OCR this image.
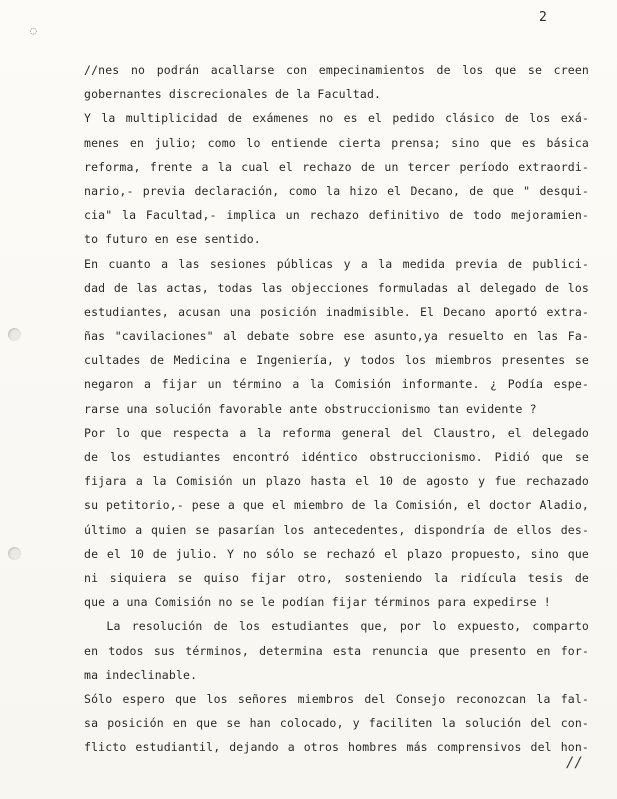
◌
2
//nes no podrán acallarse con empecinamientos de los que se creen
gobernantes discrecionales de la Facultad.
Y la multiplicidad de exámenes no es el pedido clásico de los exá-
menes en julio; como lo entiende cierta prensa; sino que es básica
reforma, frente a la cual el rechazo de un tercer período extraordi-
nario,- previa declaración, como la hizo el Decano, de que " desqui-
cia" la Facultad,- implica un rechazo definitivo de todo mejoramien-
to futuro en ese sentido.
En cuanto a las sesiones públicas y a la medida previa de publici-
dad de las actas, todas las objecciones formuladas al delegado de los
estudiantes, acusan una posición inadmisible. El Decano aportó extra-
ñas "cavilaciones" al debate sobre ese asunto,ya resuelto en las Fa-
cultades de Medicina e Ingeniería, y todos los miembros presentes se
negaron a fijar un término a la Comisión informante. ¿ Podía espe-
rarse una solución favorable ante obstruccionismo tan evidente ?
Por lo que respecta a la reforma general del Claustro, el delegado
de los estudiantes encontró idéntico obstruccionismo. Pidió que se
fijara a la Comisión un plazo hasta el 10 de agosto y fue rechazado
su petitorio,- pese a que el miembro de la Comisión, el doctor Aladio,
último a quien se pasarían los antecedentes, dispondría de ellos des-
de el 10 de julio. Y no sólo se rechazó el plazo propuesto, sino que
ni siquiera se quiso fijar otro, sosteniendo la ridícula tesis de
que a una Comisión no se le podían fijar términos para expedirse !
La resolución de los estudiantes que, por lo expuesto, comparto
en todos sus términos, determina esta renuncia que presento en for-
ma indeclinable.
Sólo espero que los señores miembros del Consejo reconozcan la fal-
sa posición en que se han colocado, y faciliten la solución del con-
flicto estudiantil, dejando a otros hombres más comprensivos del hon-
//
